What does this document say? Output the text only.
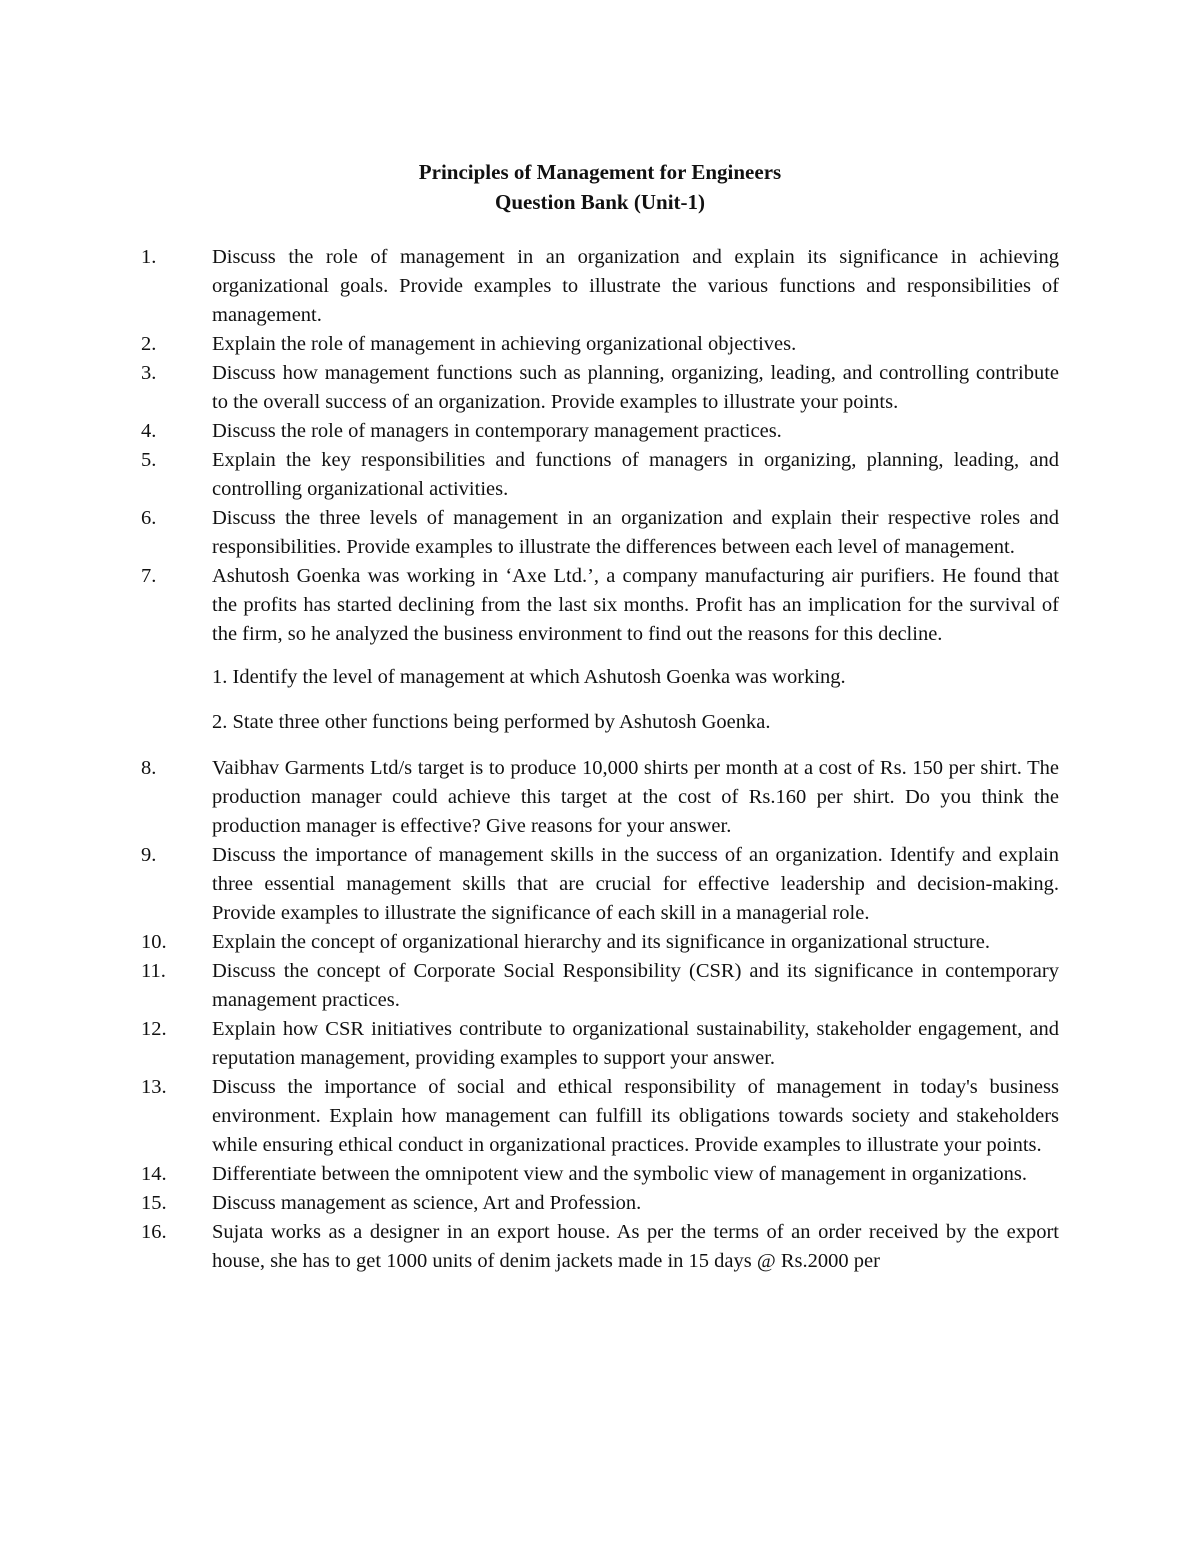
Principles of Management for Engineers
Question Bank (Unit-1)
1.	Discuss the role of management in an organization and explain its significance in achieving organizational goals. Provide examples to illustrate the various functions and responsibilities of management.
2.	Explain the role of management in achieving organizational objectives.
3.	Discuss how management functions such as planning, organizing, leading, and controlling contribute to the overall success of an organization. Provide examples to illustrate your points.
4.	Discuss the role of managers in contemporary management practices.
5.	Explain the key responsibilities and functions of managers in organizing, planning, leading, and controlling organizational activities.
6.	Discuss the three levels of management in an organization and explain their respective roles and responsibilities. Provide examples to illustrate the differences between each level of management.
7.	Ashutosh Goenka was working in ‘Axe Ltd.’, a company manufacturing air purifiers. He found that the profits has started declining from the last six months. Profit has an implication for the survival of the firm, so he analyzed the business environment to find out the reasons for this decline.
1. Identify the level of management at which Ashutosh Goenka was working.
2. State three other functions being performed by Ashutosh Goenka.
8.	Vaibhav Garments Ltd/s target is to produce 10,000 shirts per month at a cost of Rs. 150 per shirt. The production manager could achieve this target at the cost of Rs.160 per shirt. Do you think the production manager is effective? Give reasons for your answer.
9.	Discuss the importance of management skills in the success of an organization. Identify and explain three essential management skills that are crucial for effective leadership and decision-making. Provide examples to illustrate the significance of each skill in a managerial role.
10. Explain the concept of organizational hierarchy and its significance in organizational structure.
11. Discuss the concept of Corporate Social Responsibility (CSR) and its significance in contemporary management practices.
12. Explain how CSR initiatives contribute to organizational sustainability, stakeholder engagement, and reputation management, providing examples to support your answer.
13. Discuss the importance of social and ethical responsibility of management in today's business environment. Explain how management can fulfill its obligations towards society and stakeholders while ensuring ethical conduct in organizational practices. Provide examples to illustrate your points.
14. Differentiate between the omnipotent view and the symbolic view of management in organizations.
15. Discuss management as science, Art and Profession.
16. Sujata works as a designer in an export house. As per the terms of an order received by the export house, she has to get 1000 units of denim jackets made in 15 days @ Rs.2000 per
